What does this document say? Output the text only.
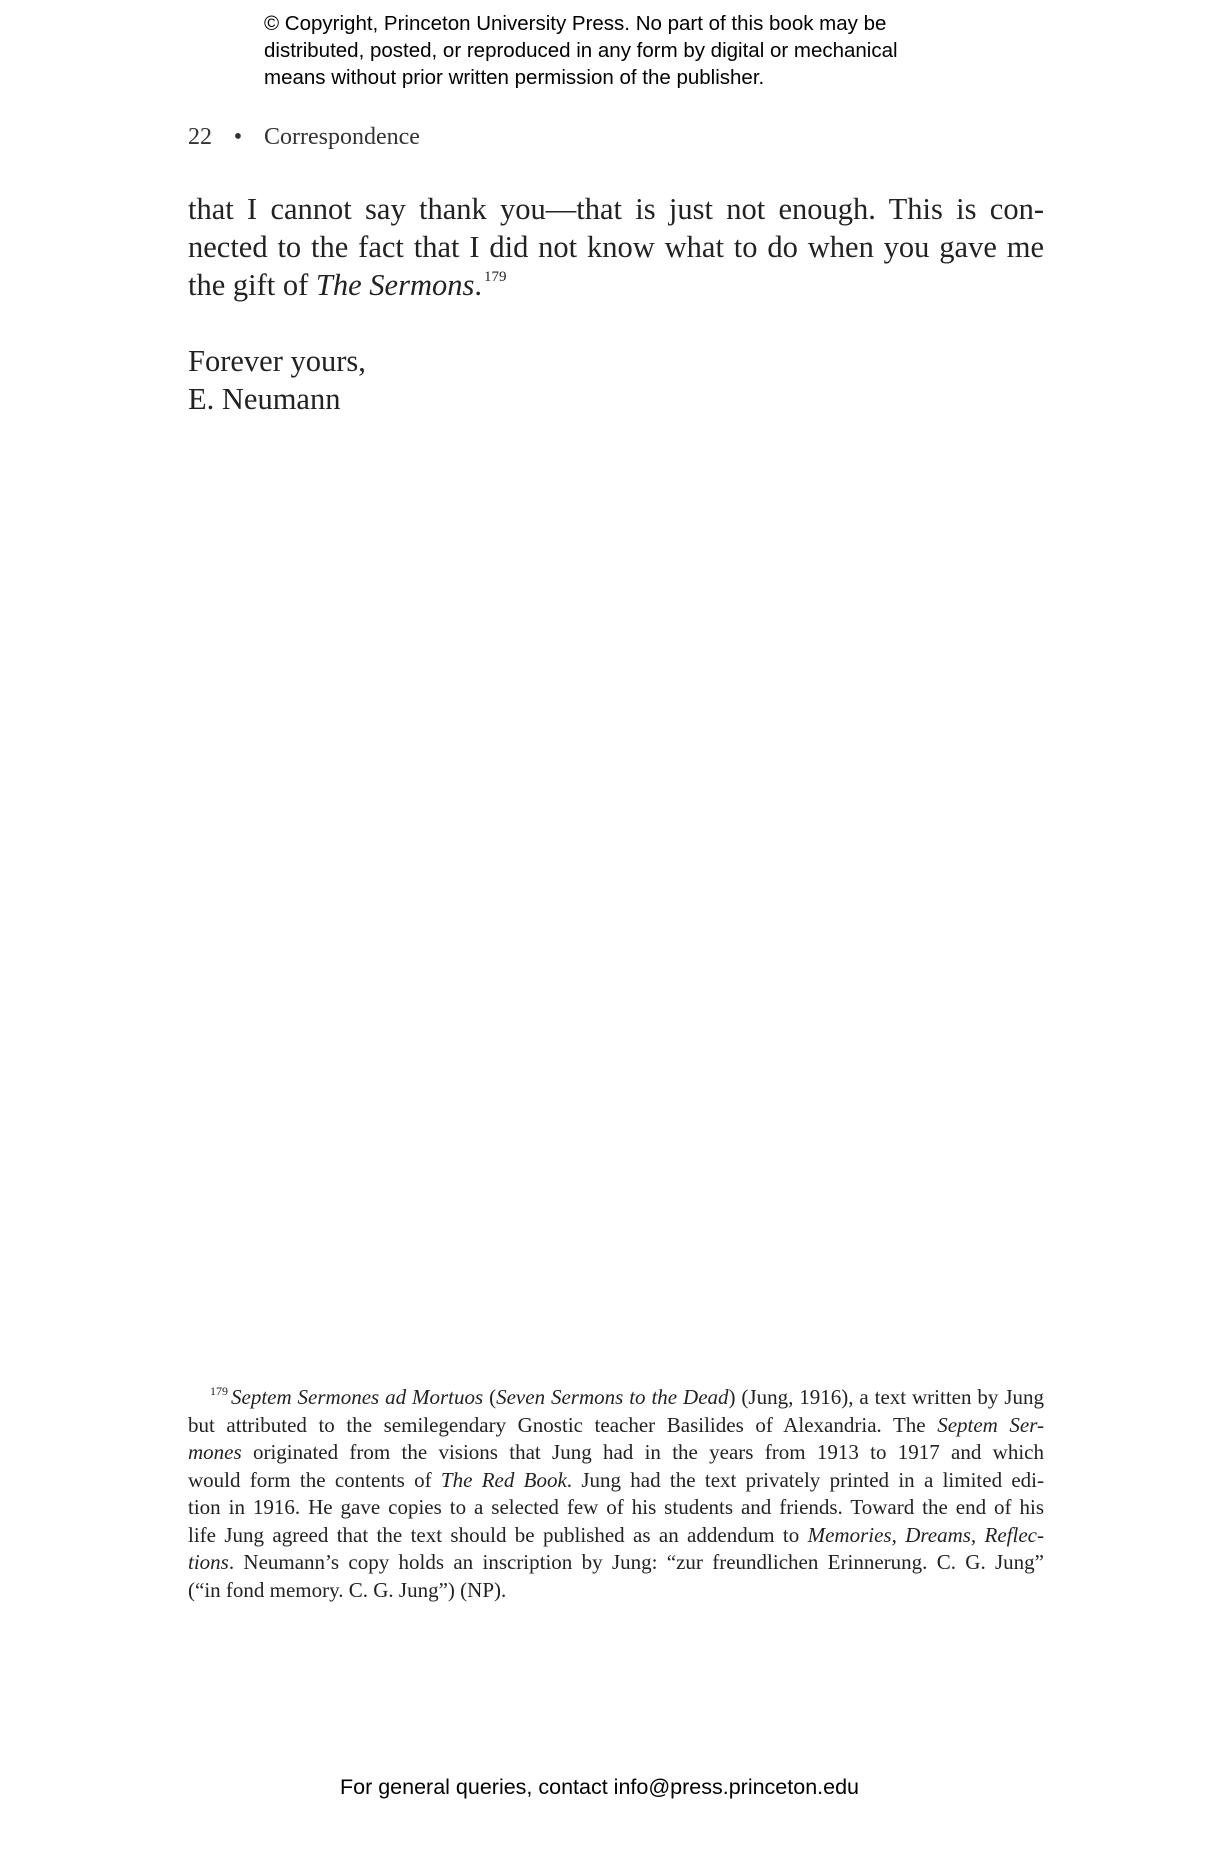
© Copyright, Princeton University Press. No part of this book may be
distributed, posted, or reproduced in any form by digital or mechanical
means without prior written permission of the publisher.
22 • Correspondence
that I cannot say thank you—that is just not enough. This is con-
nected to the fact that I did not know what to do when you gave me
the gift of The Sermons. $^{179}$
Forever yours,
E. Neumann
$^{179}$ Septem Sermones ad Mortuos (Seven Sermons to the Dead) (Jung, 1916), a text written by Jung
but attributed to the semilegendary Gnostic teacher Basilides of Alexandria. The Septem Ser-
mones originated from the visions that Jung had in the years from 1913 to 1917 and which
would form the contents of The Red Book. Jung had the text privately printed in a limited edi-
tion in 1916. He gave copies to a selected few of his students and friends. Toward the end of his
life Jung agreed that the text should be published as an addendum to Memories, Dreams, Reflec-
tions. Neumann’s copy holds an inscription by Jung: “zur freundlichen Erinnerung. C. G. Jung”
(“in fond memory. C. G. Jung”) (NP).
For general queries, contact info@press.princeton.edu
